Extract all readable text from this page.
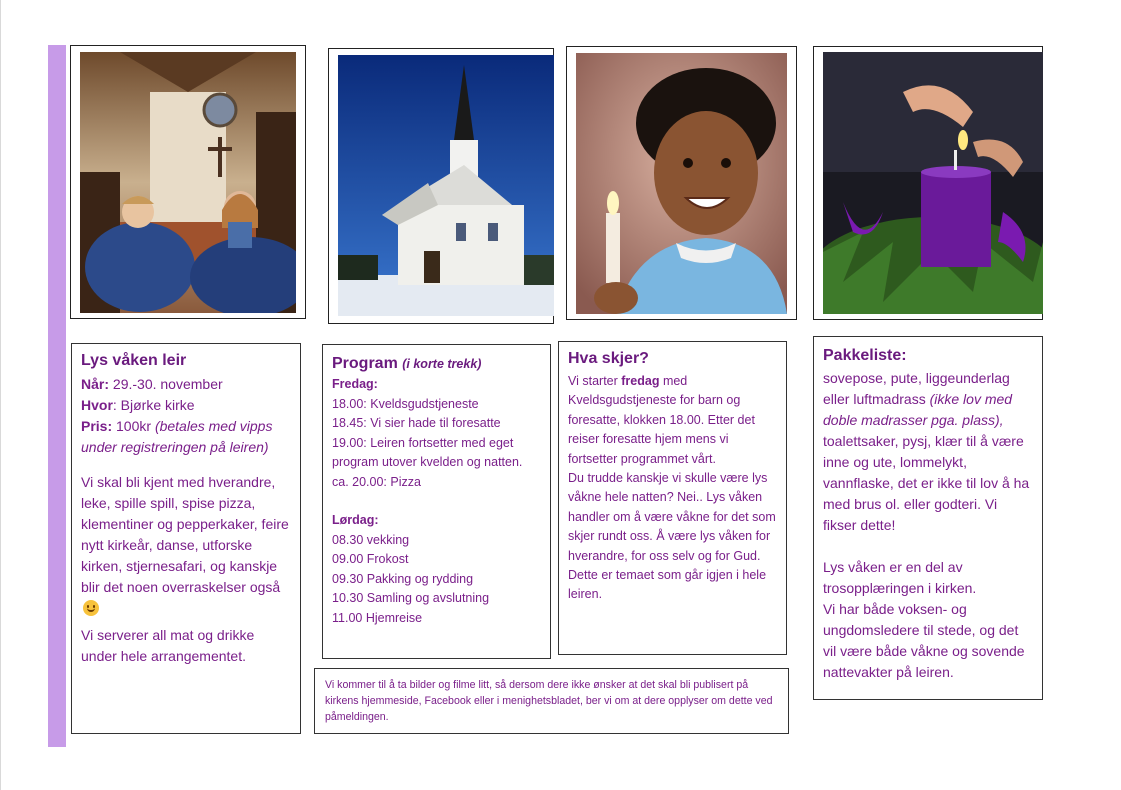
Lys våken leir

Når: 29.-30. november

Hvor: Bjørke kirke

Pris: 100kr (betales med vipps under registreringen på leiren)

Vi skal bli kjent med hverandre, leke, spille spill, spise pizza, klementiner og pepperkaker, feire nytt kirkeår, danse, utforske kirken, stjernesafari, og kanskje blir det noen overraskelser også

Vi serverer all mat og drikke under hele arrangementet.

Program (i korte trekk)

Fredag:

18.00: Kveldsgudstjeneste

18.45: Vi sier hade til foresatte

19.00: Leiren fortsetter med eget program utover kvelden og natten.

ca. 20.00: Pizza

Lørdag:

08.30 vekking

09.00 Frokost

09.30 Pakking og rydding

10.30 Samling og avslutning

11.00 Hjemreise

Hva skjer?

Vi starter fredag med Kveldsgudstjeneste for barn og foresatte, klokken 18.00. Etter det reiser foresatte hjem mens vi fortsetter programmet vårt.

Du trudde kanskje vi skulle være lys våkne hele natten? Nei.. Lys våken handler om å være våkne for det som skjer rundt oss. Å være lys våken for hverandre, for oss selv og for Gud. Dette er temaet som går igjen i hele leiren.

Pakkeliste:

sovepose, pute, liggeunderlag eller luftmadrass (ikke lov med doble madrasser pga. plass), toalettsaker, pysj, klær til å være inne og ute, lommelykt, vannflaske, det er ikke til lov å ha med brus ol. eller godteri. Vi fikser dette!

Lys våken er en del av trosopplæringen i kirken.

Vi har både voksen- og ungdomsledere til stede, og det vil være både våkne og sovende nattevakter på leiren.

Vi kommer til å ta bilder og filme litt, så dersom dere ikke ønsker at det skal bli publisert på kirkens hjemmeside, Facebook eller i menighetsbladet, ber vi om at dere opplyser om dette ved påmeldingen.
